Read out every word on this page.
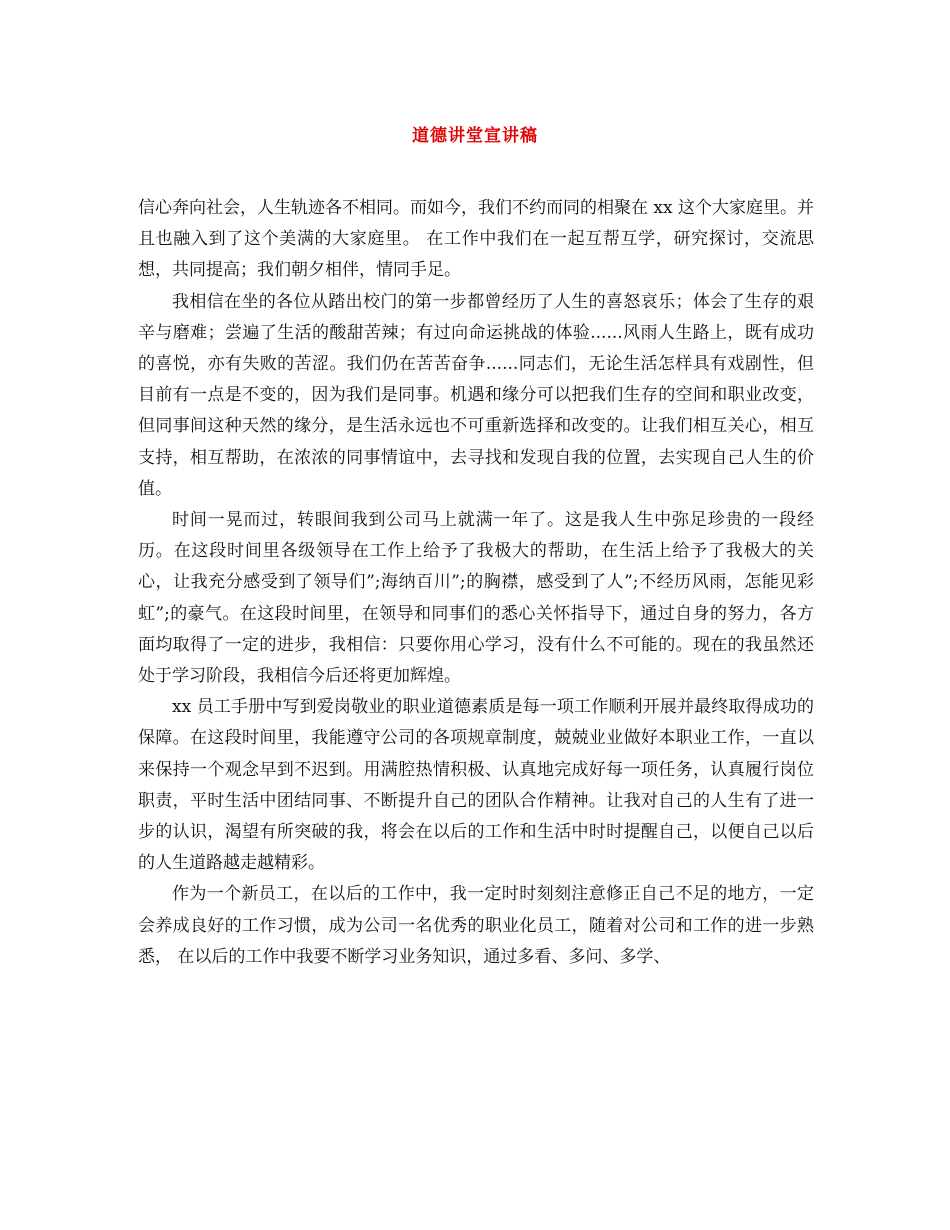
道德讲堂宣讲稿

信心奔向社会，人生轨迹各不相同。而如今，我们不约而同的相聚在 xx 这个大家庭里。并且也融入到了这个美满的大家庭里。 在工作中我们在一起互帮互学，研究探讨，交流思想，共同提高；我们朝夕相伴，情同手足。

我相信在坐的各位从踏出校门的第一步都曾经历了人生的喜怒哀乐；体会了生存的艰辛与磨难；尝遍了生活的酸甜苦辣；有过向命运挑战的体验......风雨人生路上，既有成功的喜悦，亦有失败的苦涩。我们仍在苦苦奋争......同志们，无论生活怎样具有戏剧性，但目前有一点是不变的，因为我们是同事。机遇和缘分可以把我们生存的空间和职业改变，但同事间这种天然的缘分，是生活永远也不可重新选择和改变的。让我们相互关心，相互支持，相互帮助，在浓浓的同事情谊中，去寻找和发现自我的位置，去实现自己人生的价值。

时间一晃而过，转眼间我到公司马上就满一年了。这是我人生中弥足珍贵的一段经历。在这段时间里各级领导在工作上给予了我极大的帮助，在生活上给予了我极大的关心，让我充分感受到了领导们”;海纳百川”;的胸襟，感受到了人”;不经历风雨，怎能见彩虹”;的豪气。在这段时间里，在领导和同事们的悉心关怀指导下，通过自身的努力，各方面均取得了一定的进步，我相信：只要你用心学习，没有什么不可能的。现在的我虽然还处于学习阶段，我相信今后还将更加辉煌。

xx 员工手册中写到爱岗敬业的职业道德素质是每一项工作顺利开展并最终取得成功的保障。在这段时间里，我能遵守公司的各项规章制度，兢兢业业做好本职业工作，一直以来保持一个观念早到不迟到。用满腔热情积极、认真地完成好每一项任务，认真履行岗位职责，平时生活中团结同事、不断提升自己的团队合作精神。让我对自己的人生有了进一步的认识，渴望有所突破的我，将会在以后的工作和生活中时时提醒自己，以便自己以后的人生道路越走越精彩。

作为一个新员工，在以后的工作中，我一定时时刻刻注意修正自己不足的地方，一定会养成良好的工作习惯，成为公司一名优秀的职业化员工，随着对公司和工作的进一步熟悉， 在以后的工作中我要不断学习业务知识，通过多看、多问、多学、
